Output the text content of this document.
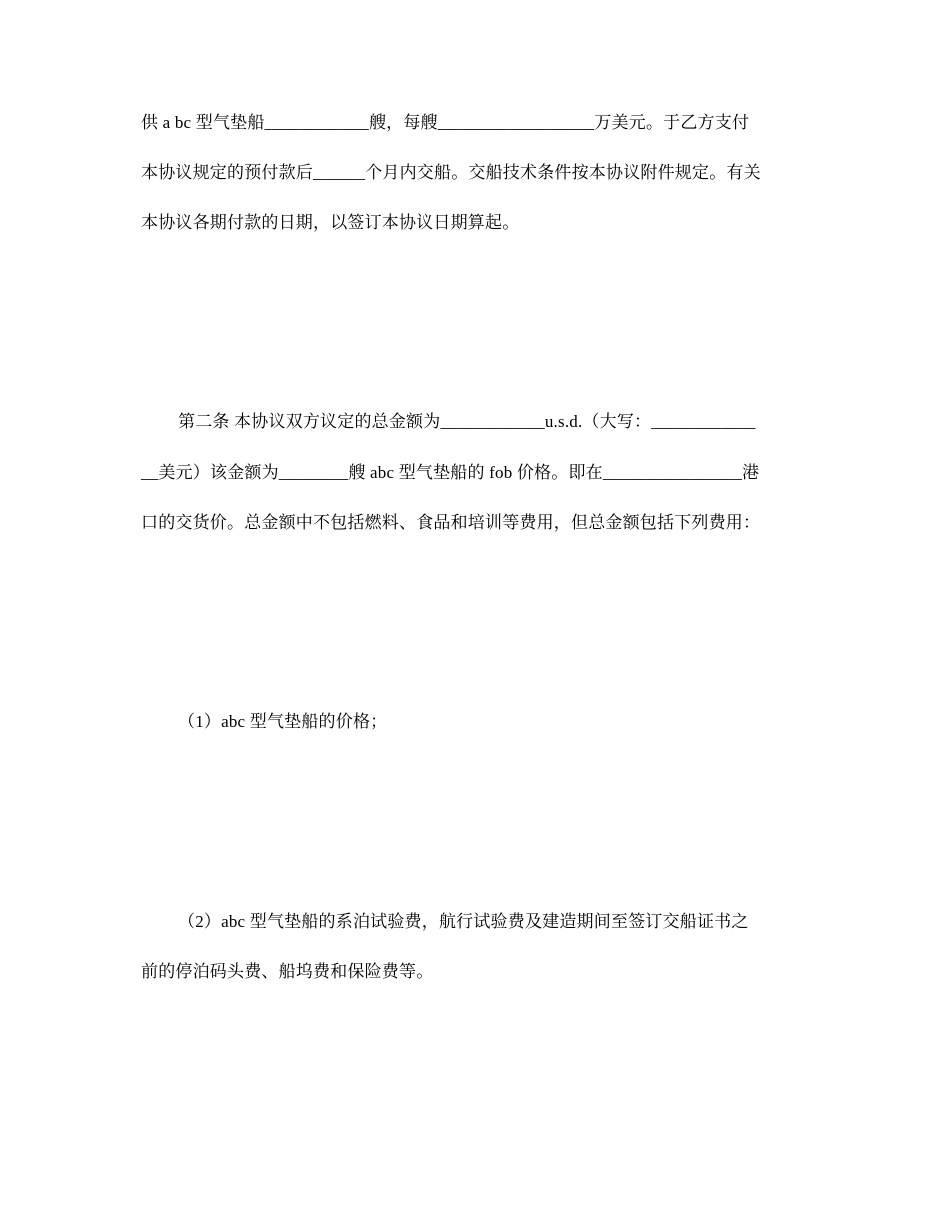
供 a bc 型气垫船____________艘，每艘__________________万美元。于乙方支付
本协议规定的预付款后______个月内交船。交船技术条件按本协议附件规定。有关
本协议各期付款的日期，以签订本协议日期算起。
第二条 本协议双方议定的总金额为____________u.s.d.（大写：____________
__美元）该金额为________艘 abc 型气垫船的 fob 价格。即在________________港
口的交货价。总金额中不包括燃料、食品和培训等费用，但总金额包括下列费用：
（1）abc 型气垫船的价格；
（2）abc 型气垫船的系泊试验费，航行试验费及建造期间至签订交船证书之
前的停泊码头费、船坞费和保险费等。
